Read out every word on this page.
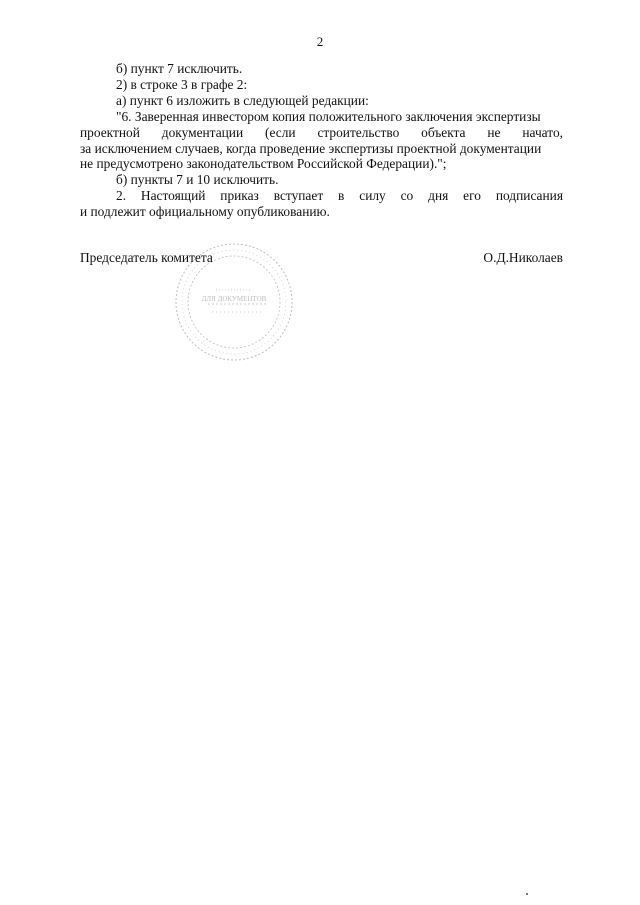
2
б) пункт 7 исключить.
2) в строке 3 в графе 2:
а) пункт 6 изложить в следующей редакции:
"6. Заверенная инвестором копия положительного заключения экспертизы
проектной документации (если строительство объекта не начато,
за исключением случаев, когда проведение экспертизы проектной документации
не предусмотрено законодательством Российской Федерации).";
б) пункты 7 и 10 исключить.
2. Настоящий приказ вступает в силу со дня его подписания
и подлежит официальному опубликованию.
ДЛЯ ДОКУМЕНТОВ
Председатель комитета	О.Д.Николаев
